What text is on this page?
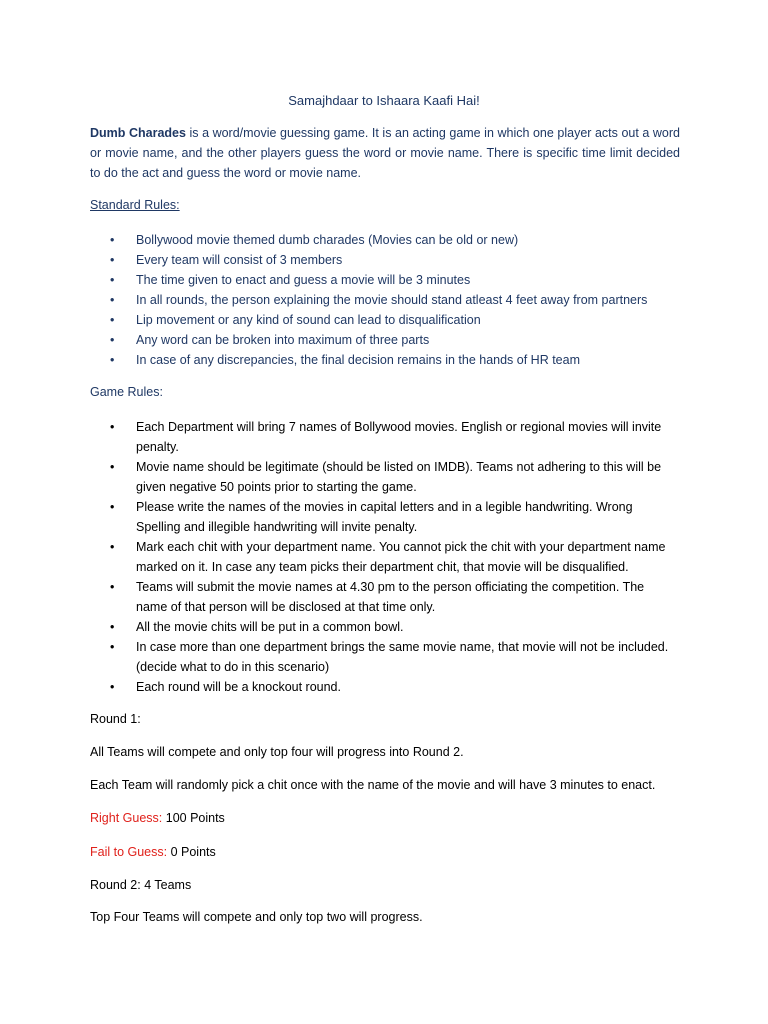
Samajhdaar to Ishaara Kaafi Hai!

Dumb Charades is a word/movie guessing game. It is an acting game in which one player acts out a word or movie name, and the other players guess the word or movie name. There is specific time limit decided to do the act and guess the word or movie name.

Standard Rules:

• Bollywood movie themed dumb charades (Movies can be old or new)
• Every team will consist of 3 members
• The time given to enact and guess a movie will be 3 minutes
• In all rounds, the person explaining the movie should stand atleast 4 feet away from partners
• Lip movement or any kind of sound can lead to disqualification
• Any word can be broken into maximum of three parts
• In case of any discrepancies, the final decision remains in the hands of HR team

Game Rules:

• Each Department will bring 7 names of Bollywood movies. English or regional movies will invite penalty.
• Movie name should be legitimate (should be listed on IMDB). Teams not adhering to this will be given negative 50 points prior to starting the game.
• Please write the names of the movies in capital letters and in a legible handwriting. Wrong Spelling and illegible handwriting will invite penalty.
• Mark each chit with your department name. You cannot pick the chit with your department name marked on it. In case any team picks their department chit, that movie will be disqualified.
• Teams will submit the movie names at 4.30 pm to the person officiating the competition. The name of that person will be disclosed at that time only.
• All the movie chits will be put in a common bowl.
• In case more than one department brings the same movie name, that movie will not be included. (decide what to do in this scenario)
• Each round will be a knockout round.

Round 1:

All Teams will compete and only top four will progress into Round 2.

Each Team will randomly pick a chit once with the name of the movie and will have 3 minutes to enact.

Right Guess: 100 Points

Fail to Guess: 0 Points

Round 2: 4 Teams

Top Four Teams will compete and only top two will progress.
